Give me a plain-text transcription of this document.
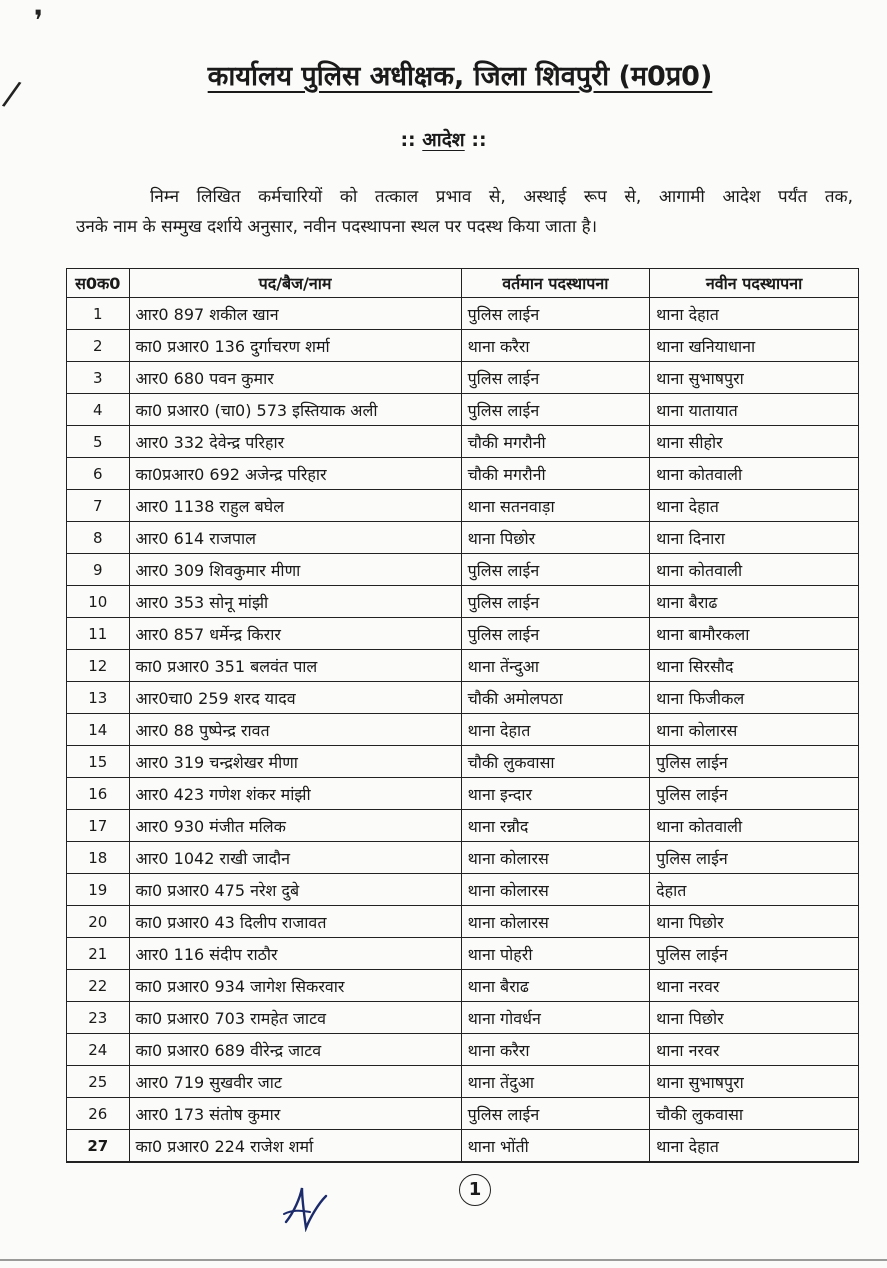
❜
/	कार्यालय पुलिस अधीक्षक, जिला शिवपुरी (म0प्र0)
:: आदेश ::
निम्न लिखित कर्मचारियों को तत्काल प्रभाव से, अस्थाई रूप से, आगामी आदेश पर्यंत तक,
उनके नाम के सम्मुख दर्शाये अनुसार, नवीन पदस्थापना स्थल पर पदस्थ किया जाता है।
स0क0	पद/बैज/नाम	वर्तमान पदस्थापना	नवीन पदस्थापना
1	आर0 897 शकील खान	पुलिस लाईन	थाना देहात
2	का0 प्रआर0 136 दुर्गाचरण शर्मा	थाना करैरा	थाना खनियाधाना
3	आर0 680 पवन कुमार	पुलिस लाईन	थाना सुभाषपुरा
4	का0 प्रआर0 (चा0) 573 इस्तियाक अली	पुलिस लाईन	थाना यातायात
5	आर0 332 देवेन्द्र परिहार	चौकी मगरौनी	थाना सीहोर
6	का0प्रआर0 692 अजेन्द्र परिहार	चौकी मगरौनी	थाना कोतवाली
7	आर0 1138 राहुल बघेल	थाना सतनवाड़ा	थाना देहात
8	आर0 614 राजपाल	थाना पिछोर	थाना दिनारा
9	आर0 309 शिवकुमार मीणा	पुलिस लाईन	थाना कोतवाली
10	आर0 353 सोनू मांझी	पुलिस लाईन	थाना बैराढ
11	आर0 857 धर्मेन्द्र किरार	पुलिस लाईन	थाना बामौरकला
12	का0 प्रआर0 351 बलवंत पाल	थाना तेंन्दुआ	थाना सिरसौद
13	आर0चा0 259 शरद यादव	चौकी अमोलपठा	थाना फिजीकल
14	आर0 88 पुष्पेन्द्र रावत	थाना देहात	थाना कोलारस
15	आर0 319 चन्द्रशेखर मीणा	चौकी लुकवासा	पुलिस लाईन
16	आर0 423 गणेश शंकर मांझी	थाना इन्दार	पुलिस लाईन
17	आर0 930 मंजीत मलिक	थाना रन्नौद	थाना कोतवाली
18	आर0 1042 राखी जादौन	थाना कोलारस	पुलिस लाईन
19	का0 प्रआर0 475 नरेश दुबे	थाना कोलारस	देहात
20	का0 प्रआर0 43 दिलीप राजावत	थाना कोलारस	थाना पिछोर
21	आर0 116 संदीप राठौर	थाना पोहरी	पुलिस लाईन
22	का0 प्रआर0 934 जागेश सिकरवार	थाना बैराढ	थाना नरवर
23	का0 प्रआर0 703 रामहेत जाटव	थाना गोवर्धन	थाना पिछोर
24	का0 प्रआर0 689 वीरेन्द्र जाटव	थाना करैरा	थाना नरवर
25	आर0 719 सुखवीर जाट	थाना तेंदुआ	थाना सुभाषपुरा
26	आर0 173 संतोष कुमार	पुलिस लाईन	चौकी लुकवासा
27	का0 प्रआर0 224 राजेश शर्मा	थाना भोंती	थाना देहात
1
